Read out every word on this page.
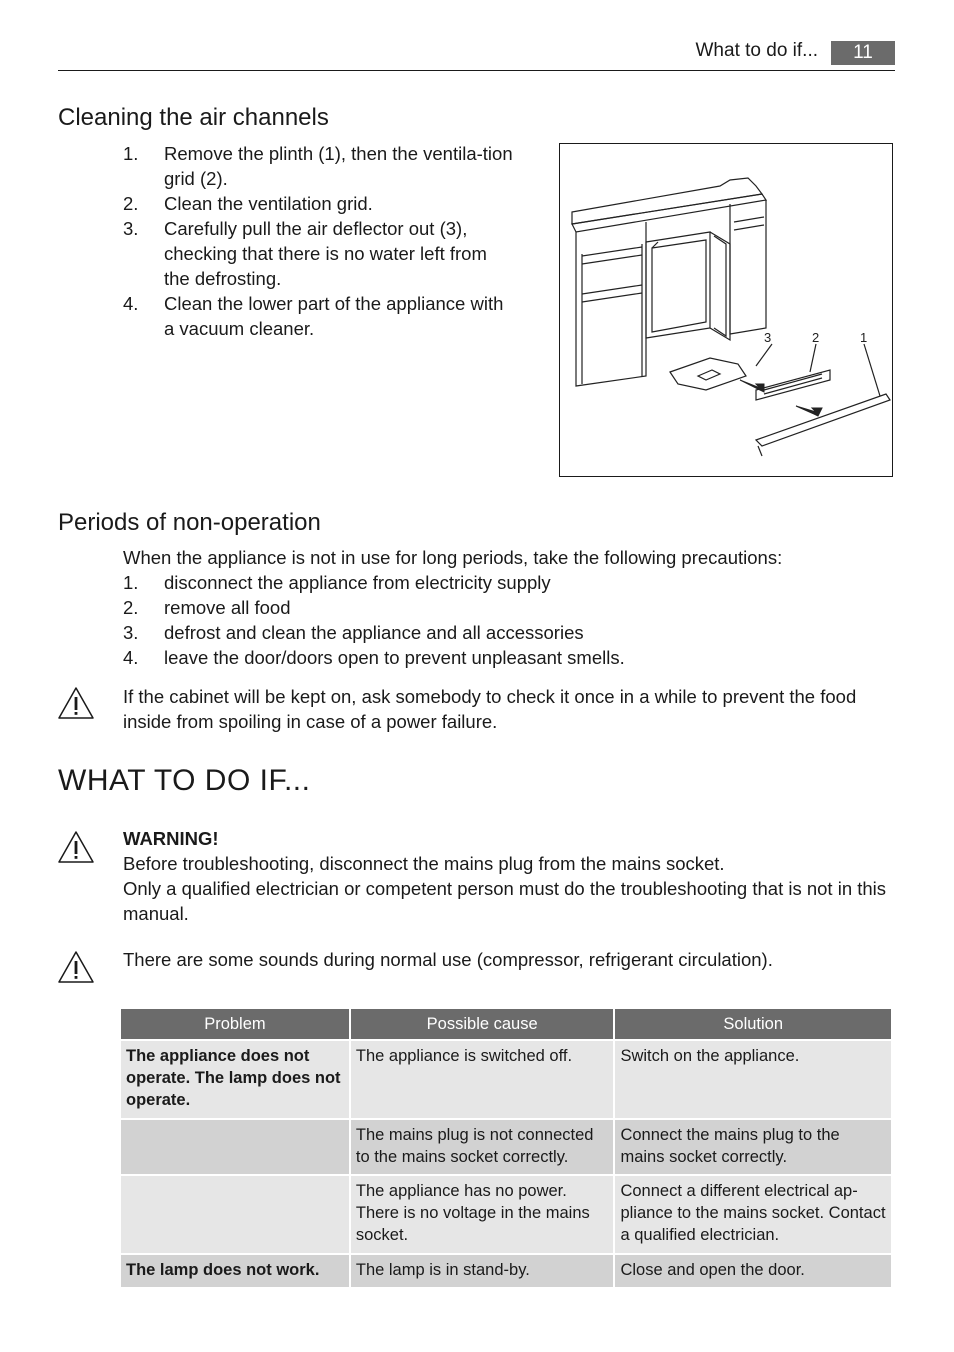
What to do if...	11
Cleaning the air channels
1. Remove the plinth (1), then the ventila-tion grid (2).
2. Clean the ventilation grid.
3. Carefully pull the air deflector out (3), checking that there is no water left from the defrosting.
4. Clean the lower part of the appliance with a vacuum cleaner.	3	2	1
Periods of non-operation

When the appliance is not in use for long periods, take the following precautions:

1. disconnect the appliance from electricity supply
2. remove all food
3. defrost and clean the appliance and all accessories
4. leave the door/doors open to prevent unpleasant smells.

If the cabinet will be kept on, ask somebody to check it once in a while to prevent the food inside from spoiling in case of a power failure.

WHAT TO DO IF...
WARNING!
Before troubleshooting, disconnect the mains plug from the mains socket.
Only a qualified electrician or competent person must do the troubleshooting that is not in this manual.

There are some sounds during normal use (compressor, refrigerant circulation).

Problem	Possible cause	Solution
The appliance does not operate. The lamp does not operate.	The appliance is switched off.	Switch on the appliance.
	The mains plug is not connected to the mains socket correctly.	Connect the mains plug to the mains socket correctly.
	The appliance has no power. There is no voltage in the mains socket.	Connect a different electrical ap-pliance to the mains socket. Contact a qualified electrician.
The lamp does not work.	The lamp is in stand-by.	Close and open the door.
